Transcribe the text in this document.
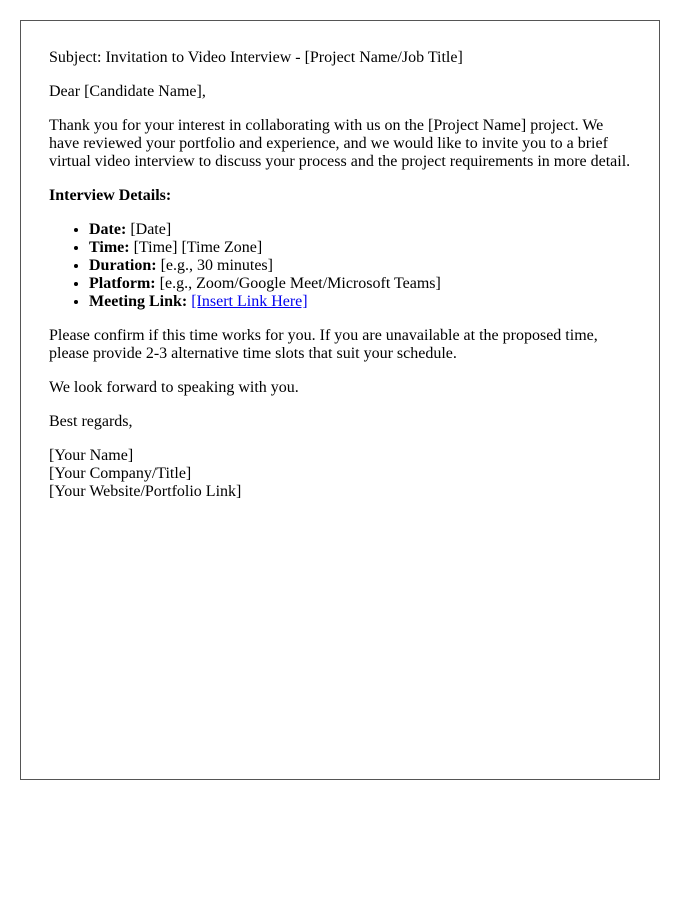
Subject: Invitation to Video Interview - [Project Name/Job Title]

Dear [Candidate Name],

Thank you for your interest in collaborating with us on the [Project Name] project. We have reviewed your portfolio and experience, and we would like to invite you to a brief virtual video interview to discuss your process and the project requirements in more detail.

Interview Details:
• Date: [Date]
• Time: [Time] [Time Zone]
• Duration: [e.g., 30 minutes]
• Platform: [e.g., Zoom/Google Meet/Microsoft Teams]
• Meeting Link: [Insert Link Here]

Please confirm if this time works for you. If you are unavailable at the proposed time, please provide 2-3 alternative time slots that suit your schedule.

We look forward to speaking with you.

Best regards,

[Your Name]
[Your Company/Title]
[Your Website/Portfolio Link]
